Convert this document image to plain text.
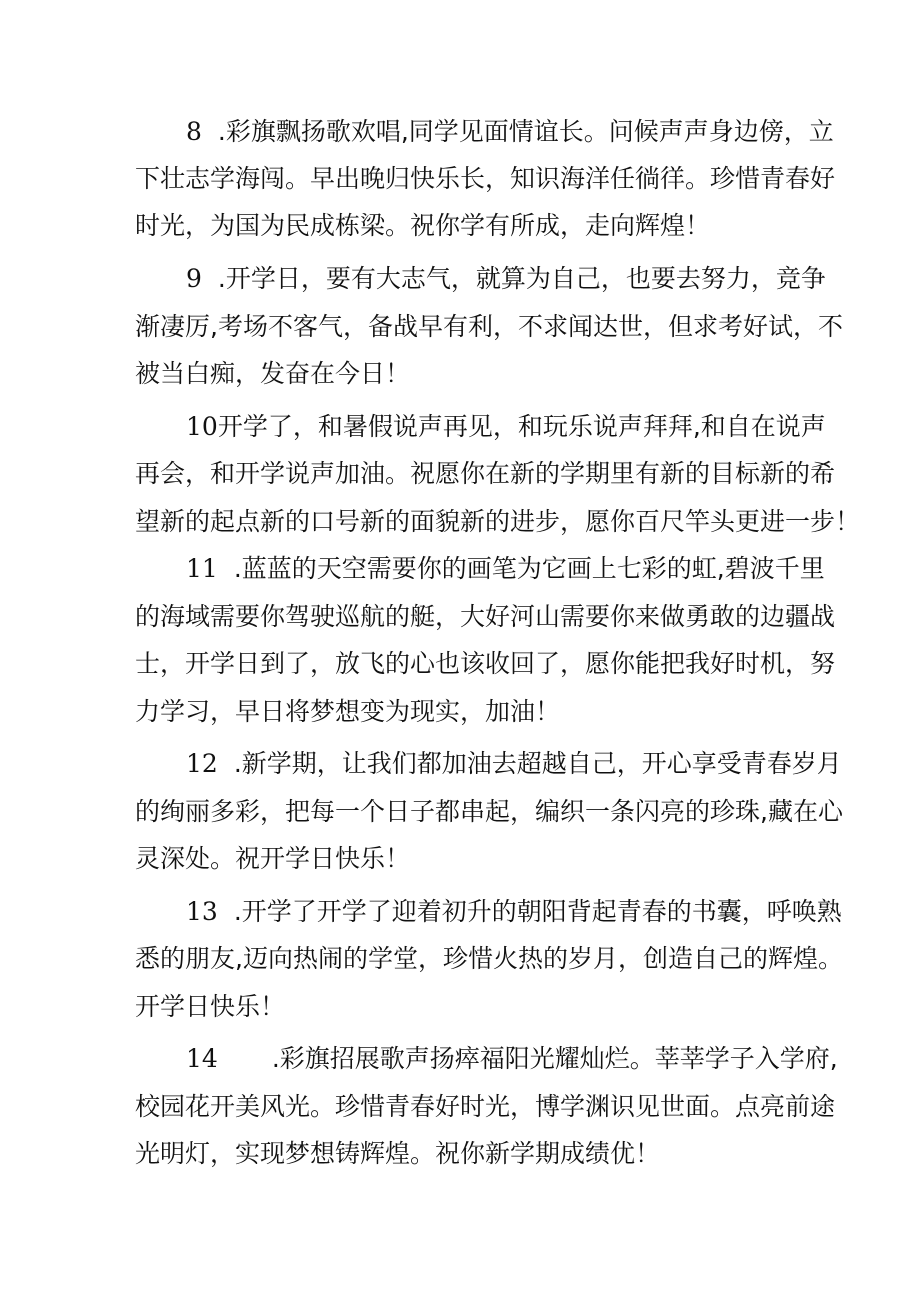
8 .彩旗飘扬歌欢唱,同学见面情谊长。问候声声身边傍，立
下壮志学海闯。早出晚归快乐长，知识海洋任徜徉。珍惜青春好
时光，为国为民成栋梁。祝你学有所成，走向辉煌！
9 .开学日，要有大志气，就算为自己，也要去努力，竞争
渐凄厉,考场不客气，备战早有利，不求闻达世，但求考好试，不
被当白痴，发奋在今日！
10开学了，和暑假说声再见，和玩乐说声拜拜,和自在说声
再会，和开学说声加油。祝愿你在新的学期里有新的目标新的希
望新的起点新的口号新的面貌新的进步，愿你百尺竿头更进一步！
11 .蓝蓝的天空需要你的画笔为它画上七彩的虹,碧波千里
的海域需要你驾驶巡航的艇，大好河山需要你来做勇敢的边疆战
士，开学日到了，放飞的心也该收回了，愿你能把我好时机，努
力学习，早日将梦想变为现实，加油！
12 .新学期，让我们都加油去超越自己，开心享受青春岁月
的绚丽多彩，把每一个日子都串起，编织一条闪亮的珍珠,藏在心
灵深处。祝开学日快乐！
13 .开学了开学了迎着初升的朝阳背起青春的书囊，呼唤熟
悉的朋友,迈向热闹的学堂，珍惜火热的岁月，创造自己的辉煌。
开学日快乐！
14 .彩旗招展歌声扬瘁福阳光耀灿烂。莘莘学子入学府,
校园花开美风光。珍惜青春好时光，博学渊识见世面。点亮前途
光明灯，实现梦想铸辉煌。祝你新学期成绩优！
